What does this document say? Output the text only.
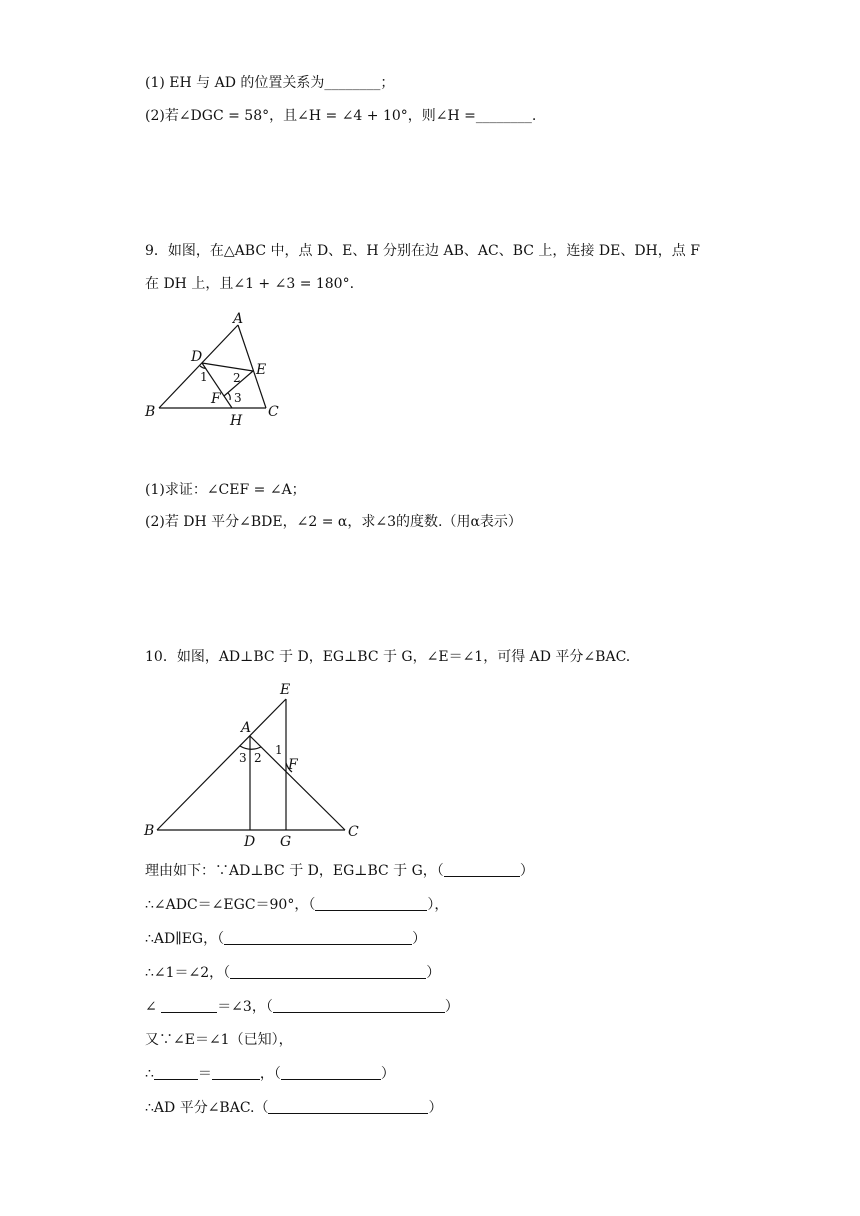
(1) EH 与 AD 的位置关系为________；
(2)若∠DGC = 58°，且∠H = ∠4 + 10°，则∠H =________.
9．如图，在△ABC 中，点 D、E、H 分别在边 AB、AC、BC 上，连接 DE、DH，点 F
在 DH 上，且∠1 + ∠3 = 180°.
A
B	C
D
E
F
H
1 2
3
(1)求证：∠CEF = ∠A；
(2)若 DH 平分∠BDE，∠2 = α，求∠3的度数.（用α表示）
10．如图，AD⊥BC 于 D，EG⊥BC 于 G，∠E＝∠1，可得 AD 平分∠BAC.
E
A
B	C
D G
F
1
2
3
理由如下：∵AD⊥BC 于 D，EG⊥BC 于 G，（	）
∴∠ADC＝∠EGC＝90°，（	），
∴AD∥EG，（	）
∴∠1＝∠2，（	）
∠	＝∠3，（	）
又∵∠E＝∠1（已知），
∴	＝	，（	）
∴AD 平分∠BAC.（	）
